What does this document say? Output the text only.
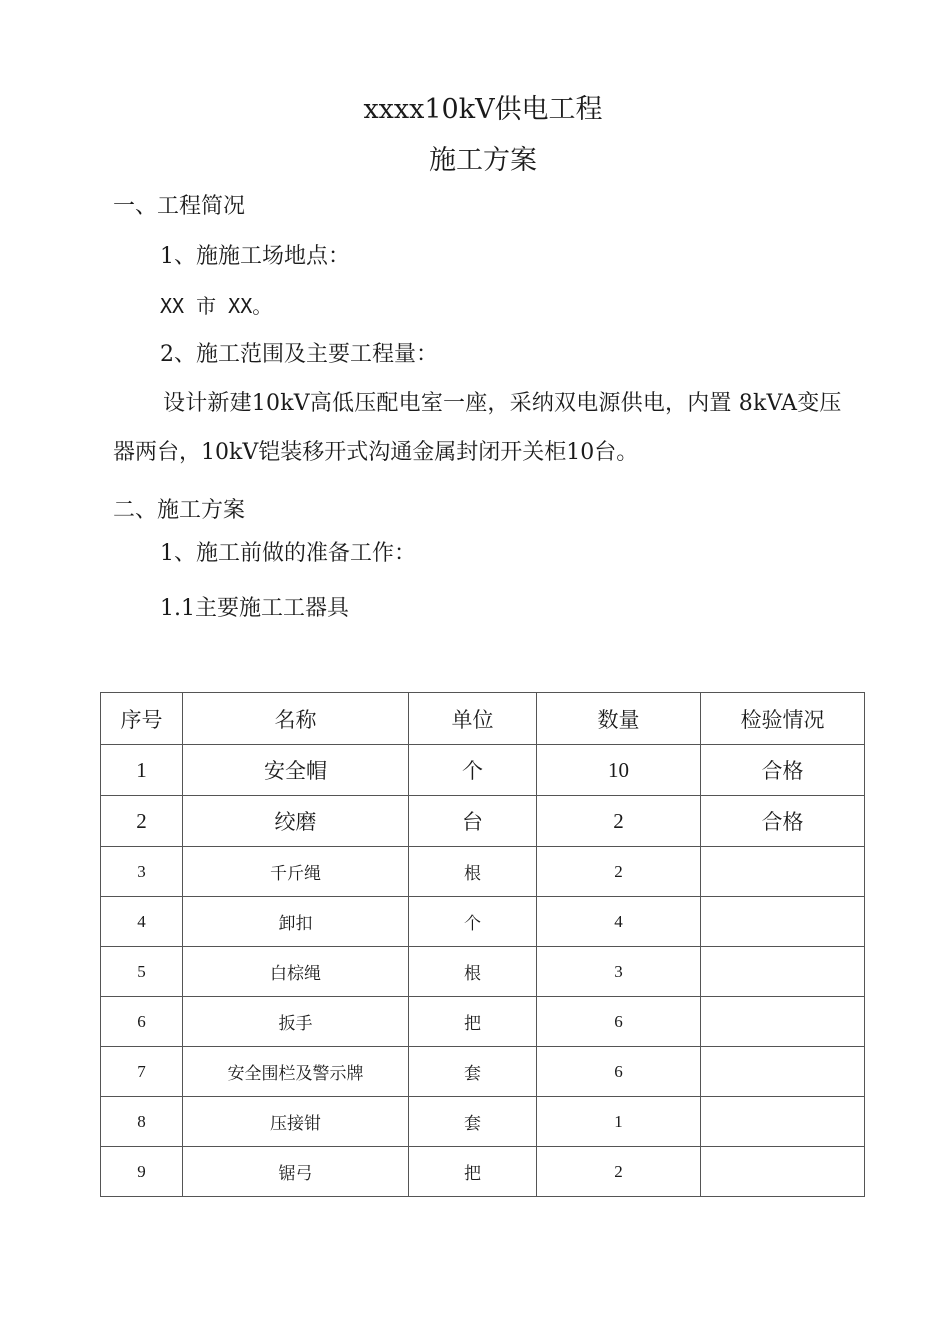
xxxx10kV供电工程
施工方案
一、工程简况
1、施施工场地点：
XX 市 XX。
2、施工范围及主要工程量：
设计新建10kV高低压配电室一座，采纳双电源供电，内置 8kVA变压
器两台，10kV铠装移开式沟通金属封闭开关柜10台。
二、施工方案
1、施工前做的准备工作：
1.1主要施工工器具
序号	名称	单位	数量	检验情况
1	安全帽	个	10	合格
2	绞磨	台	2	合格
3	千斤绳	根	2	
4	卸扣	个	4	
5	白棕绳	根	3	
6	扳手	把	6	
7	安全围栏及警示牌	套	6	
8	压接钳	套	1	
9	锯弓	把	2	
